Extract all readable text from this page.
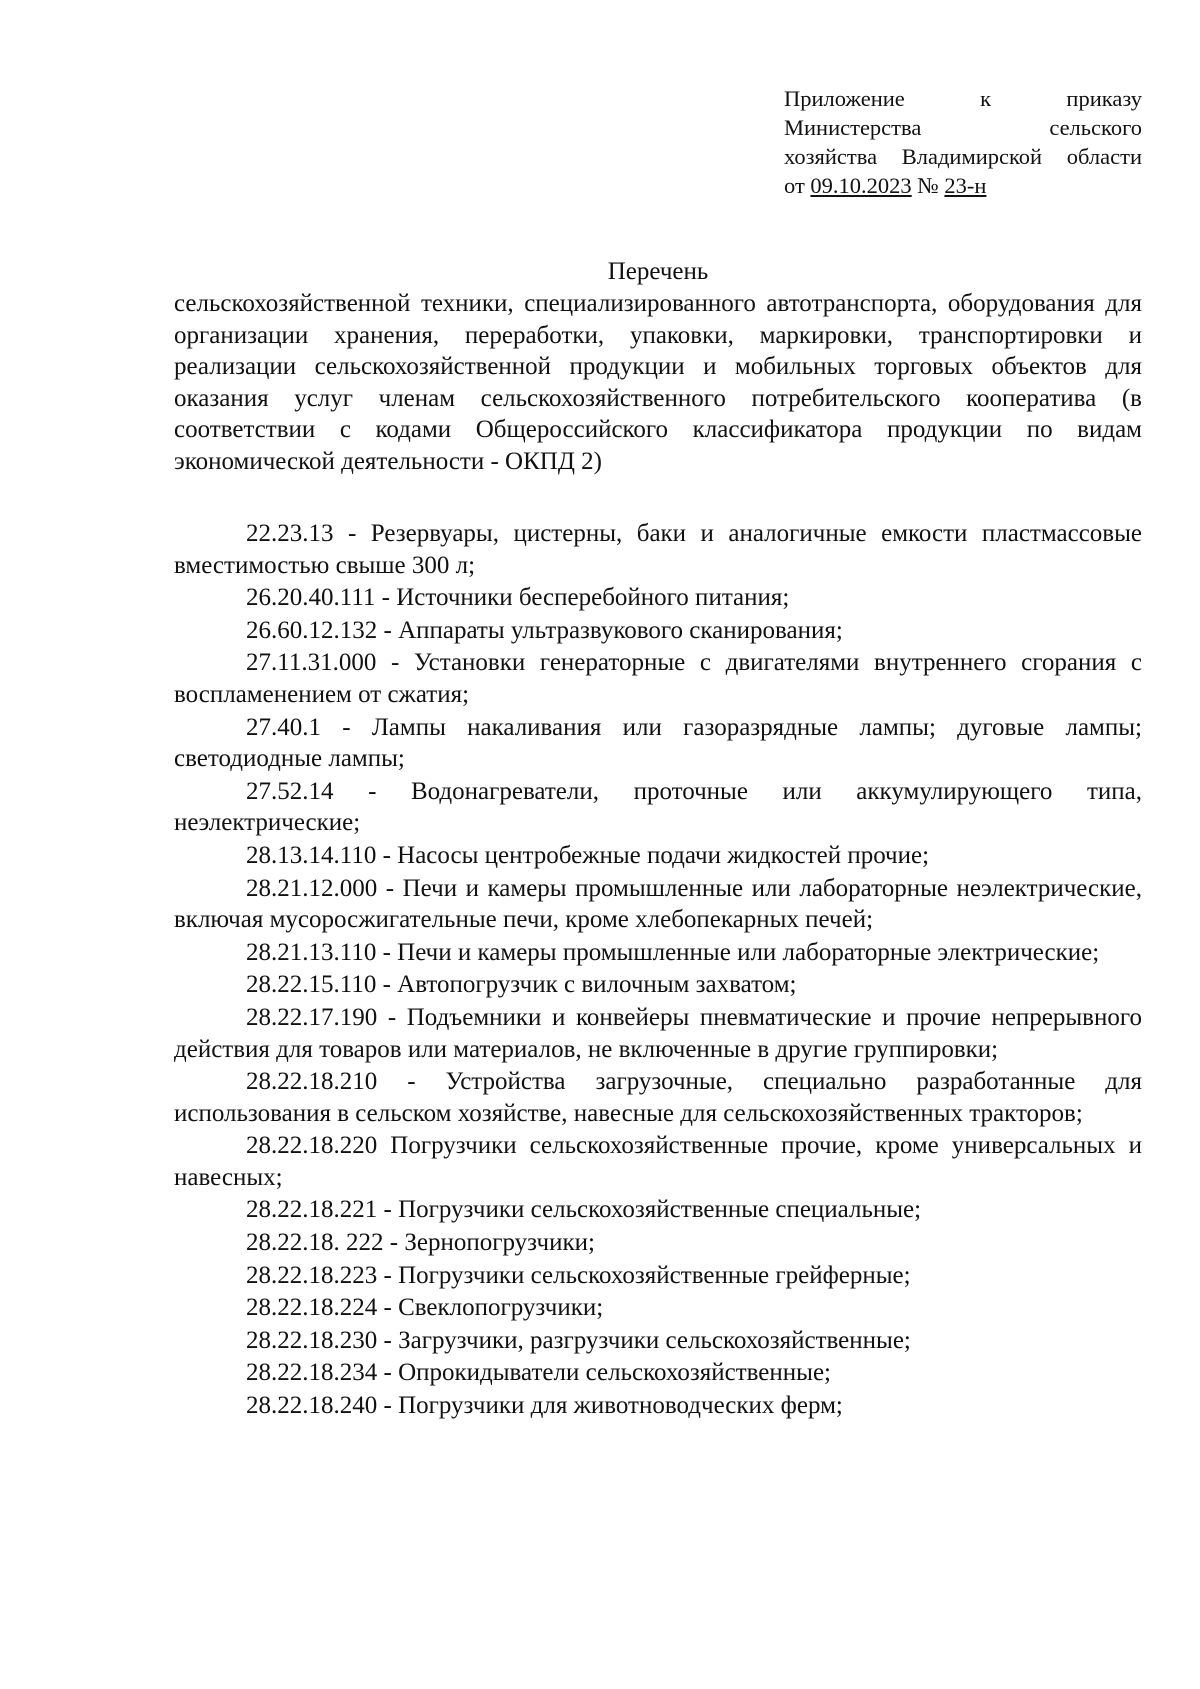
Приложение	к	приказу
Министерства	сельского
хозяйства Владимирской области
от 09.10.2023 № 23-н
Перечень
сельскохозяйственной техники, специализированного автотранспорта, оборудования для организации хранения, переработки, упаковки, маркировки, транспортировки и реализации сельскохозяйственной продукции и мобильных торговых объектов для оказания услуг членам сельскохозяйственного потребительского кооператива (в соответствии с кодами Общероссийского классификатора продукции по видам экономической деятельности - ОКПД 2)

22.23.13 - Резервуары, цистерны, баки и аналогичные емкости пластмассовые вместимостью свыше 300 л;

26.20.40.111 - Источники бесперебойного питания;

26.60.12.132 - Аппараты ультразвукового сканирования;

27.11.31.000 - Установки генераторные с двигателями внутреннего сгорания с воспламенением от сжатия;

27.40.1 - Лампы накаливания или газоразрядные лампы; дуговые лампы; светодиодные лампы;

27.52.14 - Водонагреватели, проточные или аккумулирующего типа, неэлектрические;

28.13.14.110 - Насосы центробежные подачи жидкостей прочие;

28.21.12.000 - Печи и камеры промышленные или лабораторные неэлектрические, включая мусоросжигательные печи, кроме хлебопекарных печей;

28.21.13.110 - Печи и камеры промышленные или лабораторные электрические;

28.22.15.110 - Автопогрузчик с вилочным захватом;

28.22.17.190 - Подъемники и конвейеры пневматические и прочие непрерывного действия для товаров или материалов, не включенные в другие группировки;

28.22.18.210 - Устройства загрузочные, специально разработанные для использования в сельском хозяйстве, навесные для сельскохозяйственных тракторов;

28.22.18.220 Погрузчики сельскохозяйственные прочие, кроме универсальных и навесных;

28.22.18.221 - Погрузчики сельскохозяйственные специальные;

28.22.18. 222 - Зернопогрузчики;

28.22.18.223 - Погрузчики сельскохозяйственные грейферные;

28.22.18.224 - Свеклопогрузчики;

28.22.18.230 - Загрузчики, разгрузчики сельскохозяйственные;

28.22.18.234 - Опрокидыватели сельскохозяйственные;

28.22.18.240 - Погрузчики для животноводческих ферм;
